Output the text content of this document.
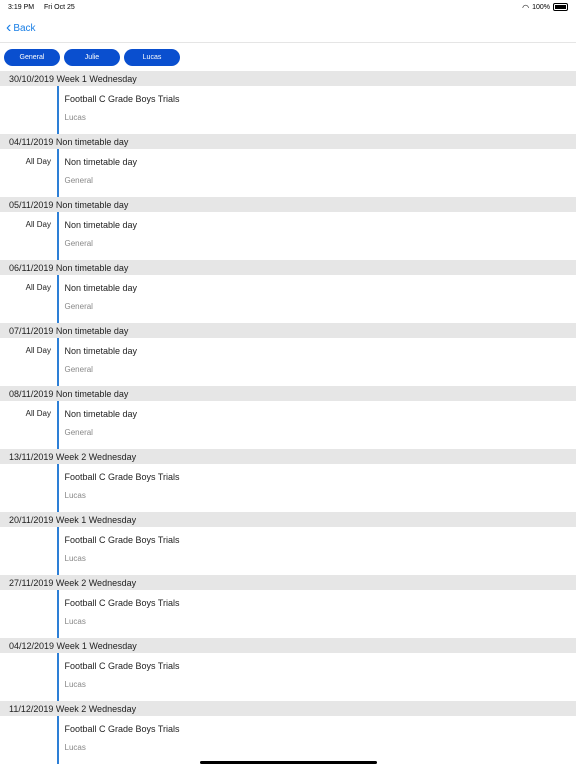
3:19 PM Fri Oct 25	◠ 100%
‹ Back
General	Julie	Lucas
30/10/2019 Week 1 Wednesday
Football C Grade Boys Trials
Lucas
04/11/2019 Non timetable day
All Day Non timetable day
General
05/11/2019 Non timetable day
All Day Non timetable day
General
06/11/2019 Non timetable day
All Day Non timetable day
General
07/11/2019 Non timetable day
All Day Non timetable day
General
08/11/2019 Non timetable day
All Day Non timetable day
General
13/11/2019 Week 2 Wednesday
Football C Grade Boys Trials
Lucas
20/11/2019 Week 1 Wednesday
Football C Grade Boys Trials
Lucas
27/11/2019 Week 2 Wednesday
Football C Grade Boys Trials
Lucas
04/12/2019 Week 1 Wednesday
Football C Grade Boys Trials
Lucas
11/12/2019 Week 2 Wednesday
Football C Grade Boys Trials
Lucas
